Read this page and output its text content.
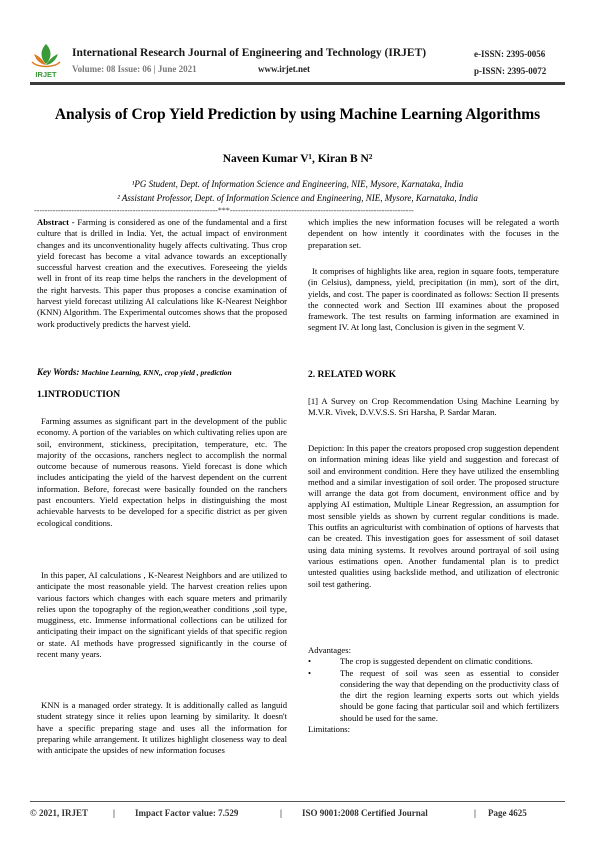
IRJET
International Research Journal of Engineering and Technology (IRJET)
Volume: 08 Issue: 06 | June 2021	www.irjet.net
e-ISSN: 2395-0056
p-ISSN: 2395-0072
Analysis of Crop Yield Prediction by using Machine Learning Algorithms
Naveen Kumar V¹, Kiran B N²
¹PG Student, Dept. of Information Science and Engineering, NIE, Mysore, Karnataka, India
² Assistant Professor, Dept. of Information Science and Engineering, NIE, Mysore, Karnataka, India
---------------------------------------------------------------------***---------------------------------------------------------------------

Abstract - Farming is considered as one of the fundamental and a first culture that is drilled in India. Yet, the actual impact of environment changes and its unconventionality hugely affects cultivating. Thus crop yield forecast has become a vital advance towards an exceptionally successful harvest creation and the executives. Foreseeing the yields well in front of its reap time helps the ranchers in the development of the right harvests. This paper thus proposes a concise examination of harvest yield forecast utilizing AI calculations like K-Nearest Neighbor (KNN) Algorithm. The Experimental outcomes shows that the proposed work productively predicts the harvest yield.

Key Words: Machine Learning, KNN,, crop yield , prediction
1.INTRODUCTION

Farming assumes as significant part in the development of the public economy. A portion of the variables on which cultivating relies upon are soil, environment, stickiness, precipitation, temperature, etc. The majority of the occasions, ranchers neglect to accomplish the normal outcome because of numerous reasons. Yield forecast is done which includes anticipating the yield of the harvest dependent on the current information. Before, forecast were basically founded on the ranchers past encounters. Yield expectation helps in distinguishing the most achievable harvests to be developed for a specific district as per given ecological conditions.

In this paper, AI calculations , K-Nearest Neighbors and are utilized to anticipate the most reasonable yield. The harvest creation relies upon various factors which changes with each square meters and primarily relies upon the topography of the region,weather conditions ,soil type, mugginess, etc. Immense informational collections can be utilized for anticipating their impact on the significant yields of that specific region or state. AI methods have progressed significantly in the course of recent many years.

KNN is a managed order strategy. It is additionally called as languid student strategy since it relies upon learning by similarity. It doesn't have a specific preparing stage and uses all the information for preparing while arrangement. It utilizes highlight closeness way to deal with anticipate the upsides of new information focuses

which implies the new information focuses will be relegated a worth dependent on how intently it coordinates with the focuses in the preparation set.

It comprises of highlights like area, region in square foots, temperature (in Celsius), dampness, yield, precipitation (in mm), sort of the dirt, yields, and cost. The paper is coordinated as follows: Section II presents the connected work and Section III examines about the proposed framework. The test results on farming information are examined in segment IV. At long last, Conclusion is given in the segment V.

2. RELATED WORK

[1] A Survey on Crop Recommendation Using Machine Learning by M.V.R. Vivek, D.V.V.S.S. Sri Harsha, P. Sardar Maran.

Depiction: In this paper the creators proposed crop suggestion dependent on information mining ideas like yield and suggestion and forecast of soil and environment condition. Here they have utilized the ensembling method and a similar investigation of soil order. The proposed structure will arrange the data got from document, environment office and by applying AI estimation, Multiple Linear Regression, an assumption for most sensible yields as shown by current regular conditions is made. This outfits an agriculturist with combination of options of harvests that can be created. This investigation goes for assessment of soil dataset using data mining systems. It revolves around portrayal of soil using various estimations open. Another fundamental plan is to predict untested qualities using backslide method, and utilization of electronic soil test gathering.

Advantages:

•	The crop is suggested dependent on climatic conditions.
•	The request of soil was seen as essential to consider considering the way that depending on the productivity class of the dirt the region learning experts sorts out which yields should be gone facing that particular soil and which fertilizers should be used for the same.

Limitations:

© 2021, IRJET	|	Impact Factor value: 7.529	|	ISO 9001:2008 Certified Journal	|	Page 4625
